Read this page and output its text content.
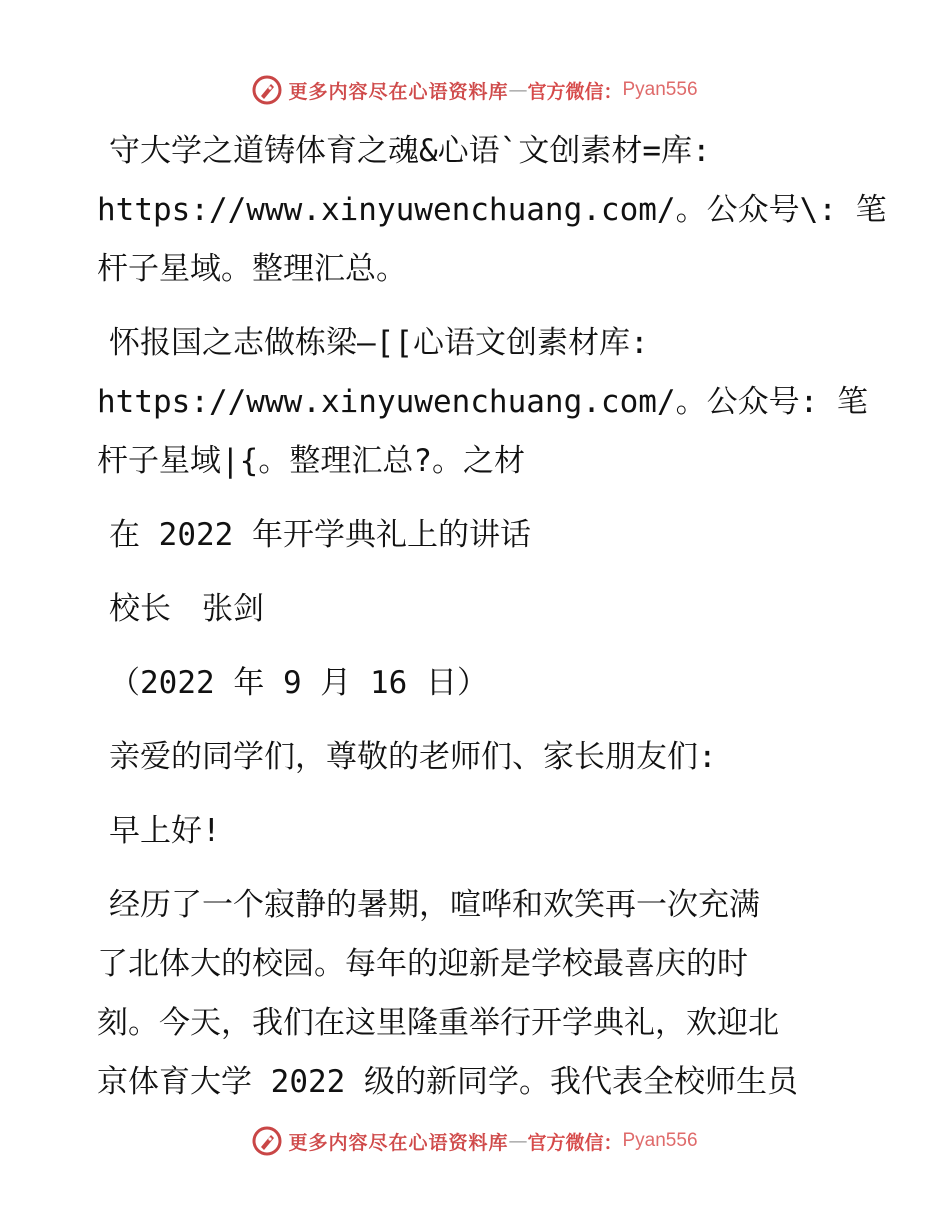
更多内容尽在心语资料库 — 官方微信： Pyan556

守大学之道铸体育之魂&心语`文创素材=库:
https://www.xinyuwenchuang.com/。公众号\: 笔
杆子星域。整理汇总。

怀报国之志做栋梁—[[心语文创素材库:
https://www.xinyuwenchuang.com/。公众号: 笔
杆子星域|{。整理汇总?。之材

在 2022 年开学典礼上的讲话

校长　张剑

（2022 年 9 月 16 日）

亲爱的同学们，尊敬的老师们、家长朋友们:

早上好!

经历了一个寂静的暑期，喧哗和欢笑再一次充满
了北体大的校园。每年的迎新是学校最喜庆的时
刻。今天，我们在这里隆重举行开学典礼，欢迎北
京体育大学 2022 级的新同学。我代表全校师生员

更多内容尽在心语资料库 — 官方微信： Pyan556
